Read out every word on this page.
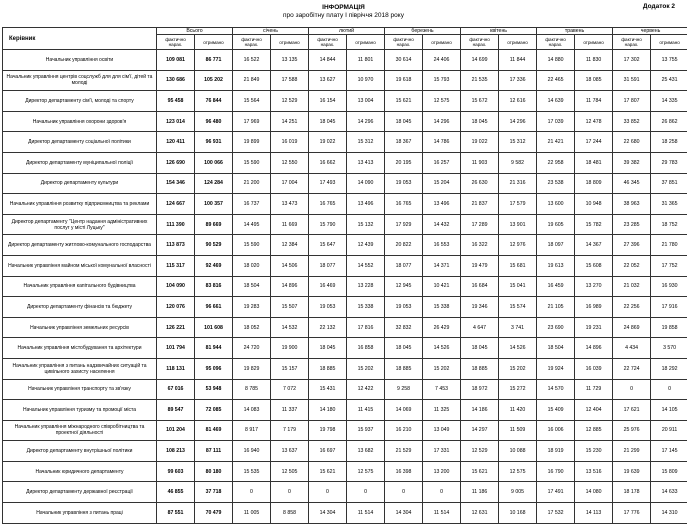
Додаток 2
ІНФОРМАЦІЯ
про заробітну плату І півріччя 2018 року
Керівник	Всього		січень		лютий		березень		квітень		травень		червень	
	фактично нарах.	отримано	фактично нарах.	отримано	фактично нарах.	отримано	фактично нарах.	отримано	фактично нарах.	отримано	фактично нарах.	отримано	фактично нарах.	отримано
Начальник управління освіти	109 081	86 771	16 522	13 135	14 844	11 801	30 614	24 406	14 699	11 844	14 880	11 830	17 302	13 755
Начальник управління центрів соцслужб для для сім'ї, дітей та молоді	130 686	105 202	21 849	17 588	13 627	10 970	19 618	15 793	21 535	17 336	22 465	18 085	31 591	25 431
Директор департаменту сім'ї, молоді та спорту	95 458	76 844	15 564	12 529	16 154	13 004	15 621	12 575	15 672	12 616	14 639	11 784	17 807	14 335
Начальник управління охорони здоров'я	123 014	96 480	17 969	14 251	18 045	14 296	18 045	14 296	18 045	14 296	17 039	12 478	33 852	26 862
Директор департаменту соціальної політики	120 411	96 931	19 899	16 019	19 022	15 312	18 367	14 786	19 022	15 312	21 421	17 244	22 680	18 258
Директор департаменту муніципальної поліції	126 690	100 066	15 590	12 550	16 662	13 413	20 195	16 257	11 903	9 582	22 958	18 481	39 382	29 783
Директор департаменту культури	154 346	124 284	21 200	17 004	17 493	14 090	19 053	15 204	26 630	21 316	23 538	18 809	46 345	37 851
Начальник управління розвитку підприємництва та реклами	124 667	100 357	16 737	13 473	16 765	13 496	16 765	13 496	21 837	17 579	13 600	10 948	38 963	31 365
Директор департаменту "Центр надання адміністративних послуг у місті Луцьку"	111 390	89 669	14 495	11 669	15 790	15 132	17 929	14 432	17 289	13 901	19 605	15 782	23 285	18 752
Директор департаменту житлово-комунального господарства	113 873	90 529	15 590	12 384	15 647	12 439	20 822	16 553	16 322	12 976	18 097	14 367	27 396	21 780
Начальник управління майном міської комунальної власності	115 317	92 469	18 020	14 506	18 077	14 552	18 077	14 371	19 479	15 681	19 613	15 608	22 052	17 752
Начальник управління капітального будівництва	104 090	83 816	18 504	14 896	16 469	13 228	12 945	10 421	16 684	15 041	16 459	13 270	21 032	16 930
Директор департаменту фінансів та бюджету	120 076	96 661	19 283	15 507	19 053	15 338	19 053	15 338	19 346	15 574	21 105	16 989	22 256	17 916
Начальник управління земельних ресурсів	126 221	101 608	18 052	14 532	22 132	17 816	32 832	26 429	4 647	3 741	23 690	19 231	24 869	19 858
Начальник управління містобудування та архітектури	101 794	81 944	24 720	19 900	18 045	16 858	18 045	14 526	18 045	14 526	18 504	14 896	4 434	3 570
Начальник управління з питань надзвичайних ситуацій та цивільного захисту населення	118 131	95 096	19 829	15 157	18 885	15 202	18 885	15 202	18 885	15 202	19 924	16 039	22 724	18 292
Начальник управління транспорту та зв'язку	67 016	53 948	8 785	7 072	15 431	12 422	9 258	7 453	18 972	15 272	14 570	11 729	0	0
Начальник управління туризму та промоції міста	89 547	72 085	14 083	11 337	14 180	11 415	14 069	11 325	14 186	11 420	15 409	12 404	17 621	14 105
Начальник управління міжнародного співробітництва та проектної діяльності	101 204	81 469	8 917	7 179	19 798	15 937	16 210	13 049	14 297	11 509	16 006	12 885	25 976	20 911
Директор департаменту внутрішньої політики	108 213	87 111	16 940	13 637	16 697	13 682	21 529	17 331	12 529	10 088	18 919	15 230	21 299	17 145
Начальник юридичного департаменту	99 603	80 180	15 535	12 505	15 621	12 575	16 398	13 200	15 621	12 575	16 790	13 516	19 639	15 809
Директор департаменту державної реєстрації	46 855	37 718	0	0	0	0	0	0	11 186	9 005	17 491	14 080	18 178	14 633
Начальник управління з питань праці	87 551	70 479	11 005	8 858	14 304	11 514	14 304	11 514	12 631	10 168	17 532	14 113	17 776	14 310
